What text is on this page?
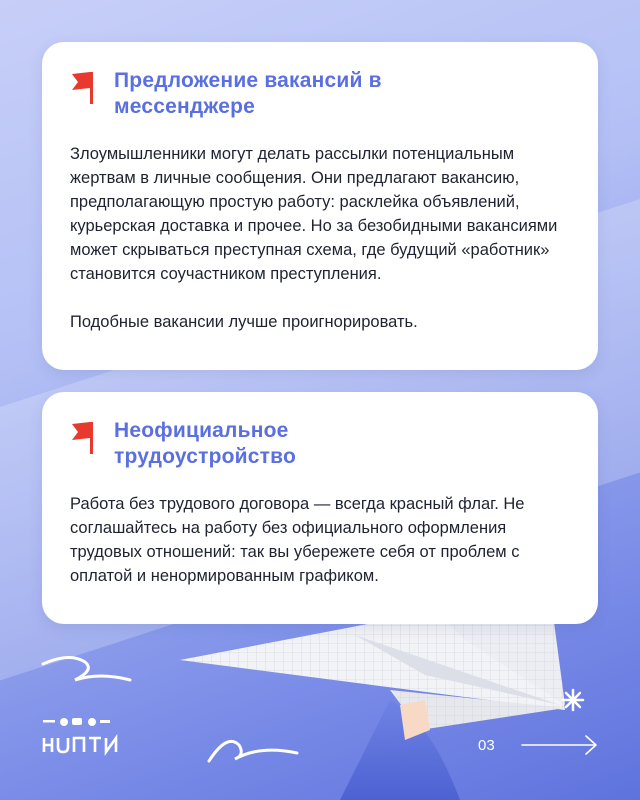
Предложение вакансий в мессенджере

Злоумышленники могут делать рассылки потенциальным жертвам в личные сообщения. Они предлагают вакансию, предполагающую простую работу: расклейка объявлений, курьерская доставка и прочее. Но за безобидными вакансиями может скрываться преступная схема, где будущий «работник» становится соучастником преступления.

Подобные вакансии лучше проигнорировать.

Неофициальное трудоустройство

Работа без трудового договора — всегда красный флаг. Не соглашайтесь на работу без официального оформления трудовых отношений: так вы убережете себя от проблем с оплатой и ненормированным графиком.

03
